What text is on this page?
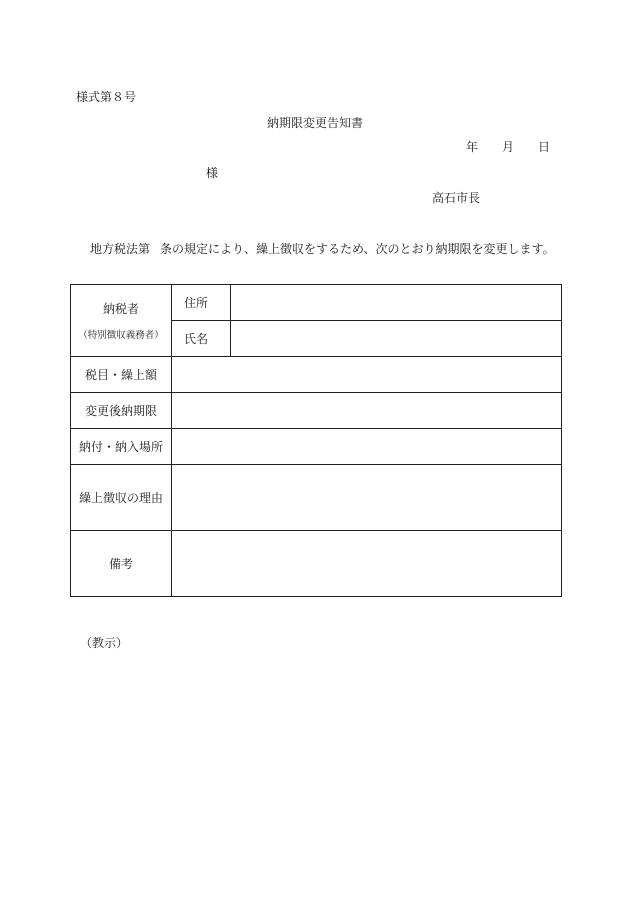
様式第８号
納期限変更告知書
年 月 日
様
高石市長
地方税法第 条の規定により、繰上徴収をするため、次のとおり納期限を変更します。
納税者
（特別徴収義務者）	住所	
	氏名	
税目・繰上額		
変更後納期限		
納付・納入場所		
繰上徴収の理由		
備考		
（教示）
